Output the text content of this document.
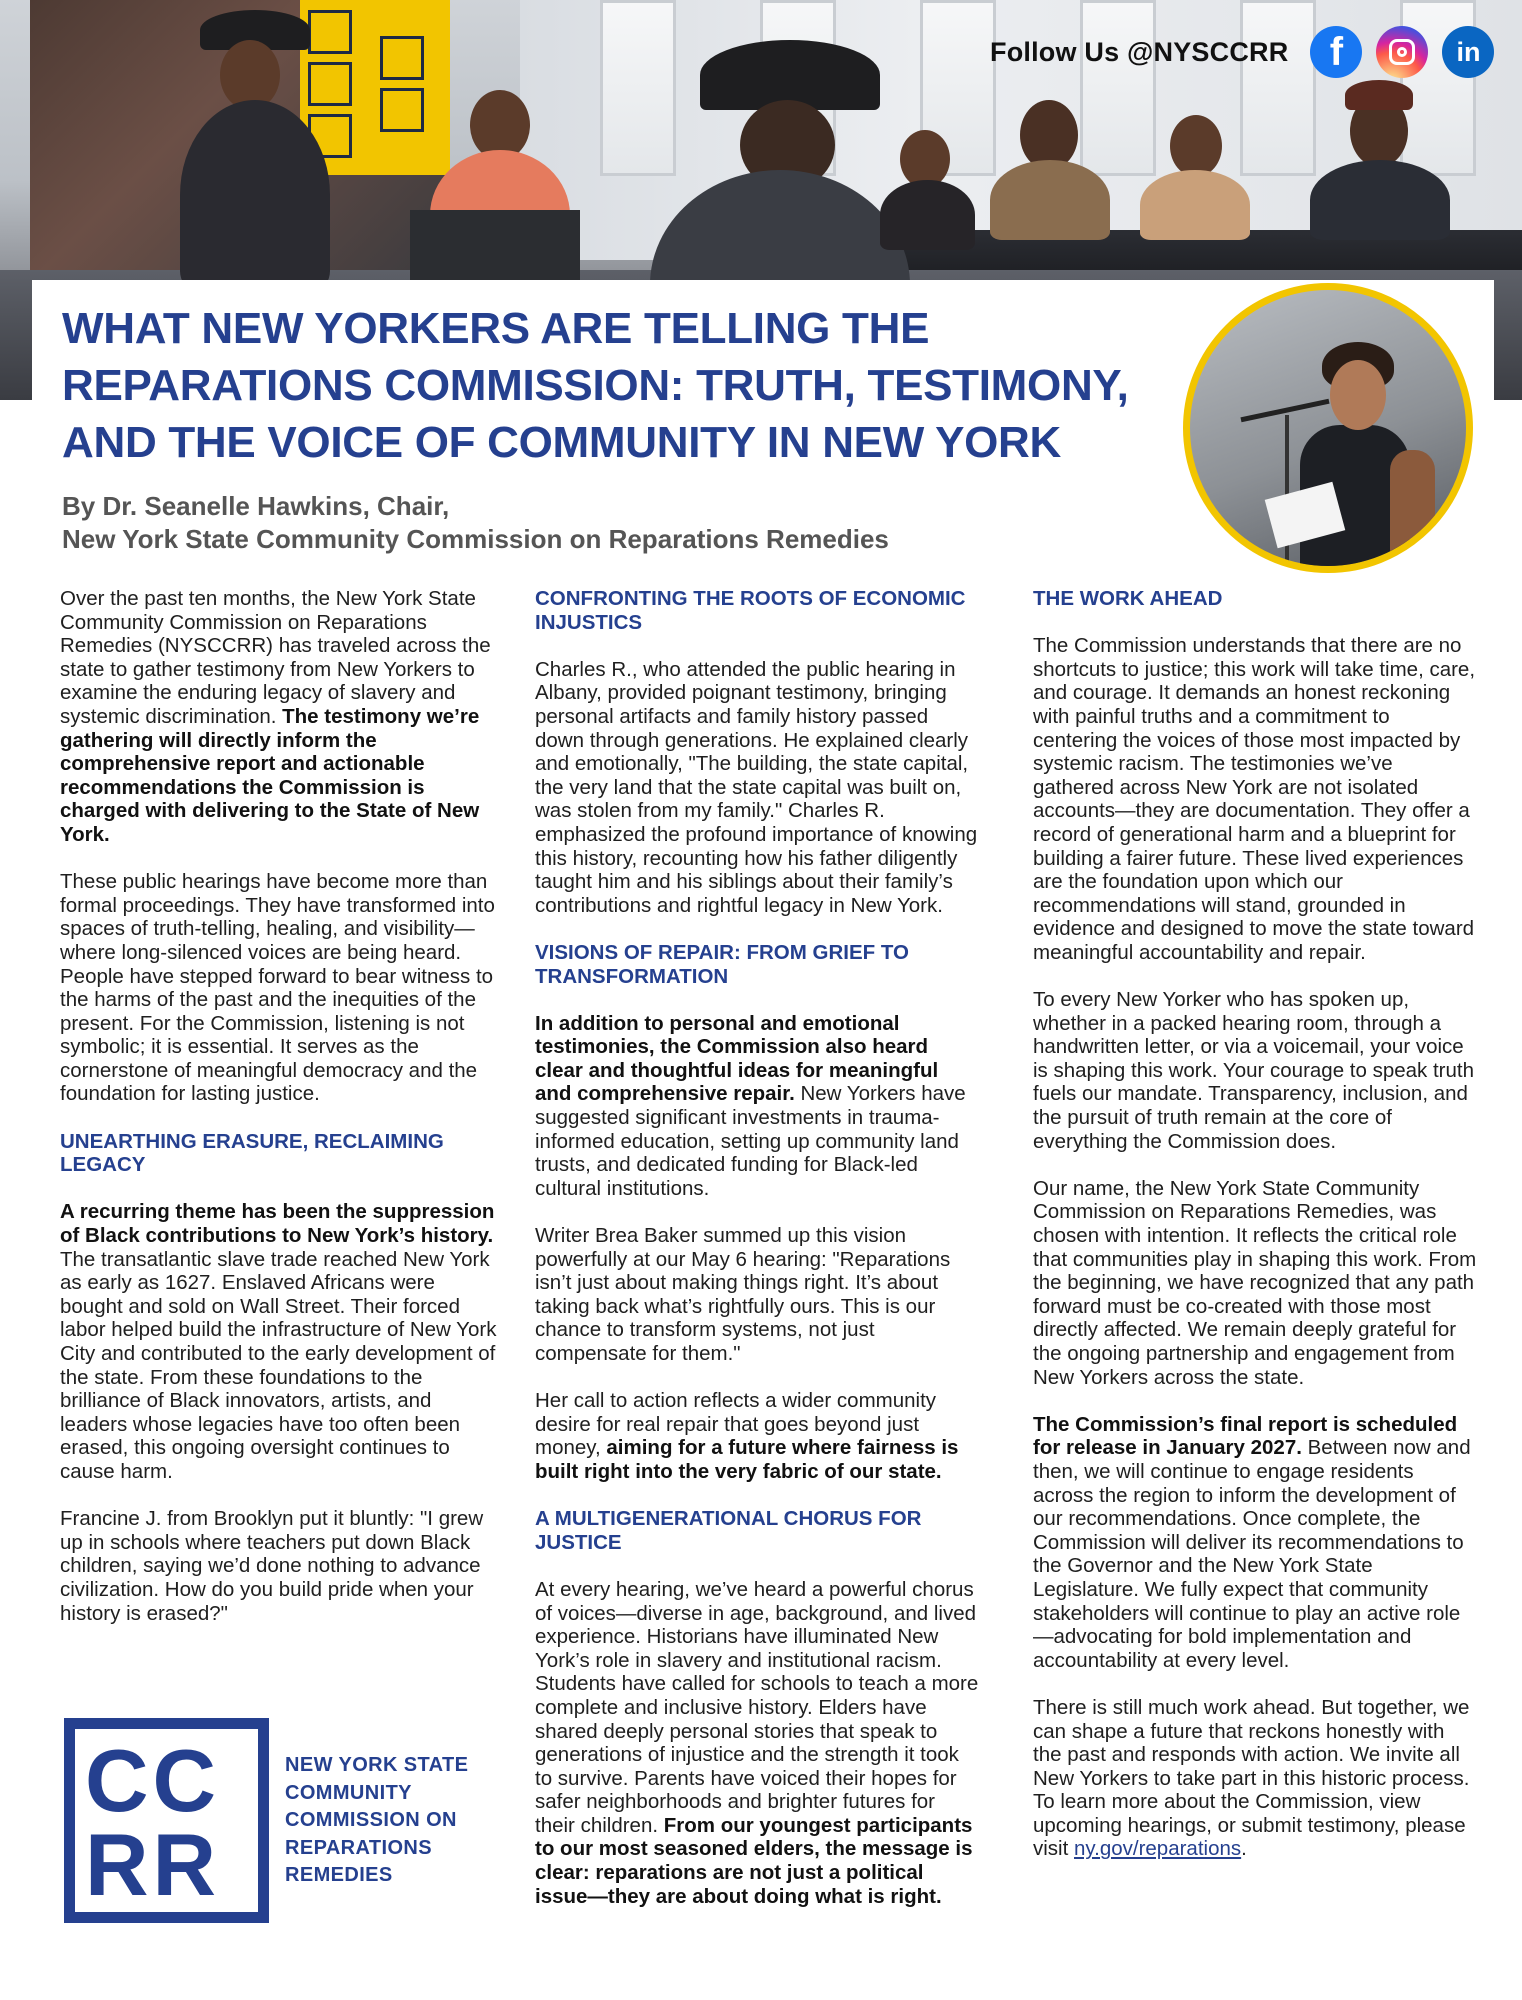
Follow Us @NYSCCRR f	in
WHAT NEW YORKERS ARE TELLING THE REPARATIONS COMMISSION: TRUTH, TESTIMONY, AND THE VOICE OF COMMUNITY IN NEW YORK
By Dr. Seanelle Hawkins, Chair,
New York State Community Commission on Reparations Remedies

Over the past ten months, the New York State Community Commission on Reparations Remedies (NYSCCRR) has traveled across the state to gather testimony from New Yorkers to examine the enduring legacy of slavery and systemic discrimination. The testimony we’re gathering will directly inform the comprehensive report and actionable recommendations the Commission is charged with delivering to the State of New York.

These public hearings have become more than formal proceedings. They have transformed into spaces of truth-telling, healing, and visibility—where long-silenced voices are being heard. People have stepped forward to bear witness to the harms of the past and the inequities of the present. For the Commission, listening is not symbolic; it is essential. It serves as the cornerstone of meaningful democracy and the foundation for lasting justice.

UNEARTHING ERASURE, RECLAIMING LEGACY

A recurring theme has been the suppression of Black contributions to New York’s history. The transatlantic slave trade reached New York as early as 1627. Enslaved Africans were bought and sold on Wall Street. Their forced labor helped build the infrastructure of New York City and contributed to the early development of the state. From these foundations to the brilliance of Black innovators, artists, and leaders whose legacies have too often been erased, this ongoing oversight continues to cause harm.

Francine J. from Brooklyn put it bluntly: "I grew up in schools where teachers put down Black children, saying we’d done nothing to advance civilization. How do you build pride when your history is erased?"

CONFRONTING THE ROOTS OF ECONOMIC INJUSTICS

Charles R., who attended the public hearing in Albany, provided poignant testimony, bringing personal artifacts and family history passed down through generations. He explained clearly and emotionally, "The building, the state capital, the very land that the state capital was built on, was stolen from my family." Charles R. emphasized the profound importance of knowing this history, recounting how his father diligently taught him and his siblings about their family’s contributions and rightful legacy in New York.

VISIONS OF REPAIR: FROM GRIEF TO TRANSFORMATION

In addition to personal and emotional testimonies, the Commission also heard clear and thoughtful ideas for meaningful and comprehensive repair. New Yorkers have suggested significant investments in trauma-informed education, setting up community land trusts, and dedicated funding for Black-led cultural institutions.

Writer Brea Baker summed up this vision powerfully at our May 6 hearing: "Reparations isn’t just about making things right. It’s about taking back what’s rightfully ours. This is our chance to transform systems, not just compensate for them."

Her call to action reflects a wider community desire for real repair that goes beyond just money, aiming for a future where fairness is built right into the very fabric of our state.

A MULTIGENERATIONAL CHORUS FOR JUSTICE

At every hearing, we’ve heard a powerful chorus of voices—diverse in age, background, and lived experience. Historians have illuminated New York’s role in slavery and institutional racism. Students have called for schools to teach a more complete and inclusive history. Elders have shared deeply personal stories that speak to generations of injustice and the strength it took to survive. Parents have voiced their hopes for safer neighborhoods and brighter futures for their children. From our youngest participants to our most seasoned elders, the message is clear: reparations are not just a political issue—they are about doing what is right.

THE WORK AHEAD

The Commission understands that there are no shortcuts to justice; this work will take time, care, and courage. It demands an honest reckoning with painful truths and a commitment to centering the voices of those most impacted by systemic racism. The testimonies we’ve gathered across New York are not isolated accounts—they are documentation. They offer a record of generational harm and a blueprint for building a fairer future. These lived experiences are the foundation upon which our recommendations will stand, grounded in evidence and designed to move the state toward meaningful accountability and repair.

To every New Yorker who has spoken up, whether in a packed hearing room, through a handwritten letter, or via a voicemail, your voice is shaping this work. Your courage to speak truth fuels our mandate. Transparency, inclusion, and the pursuit of truth remain at the core of everything the Commission does.

Our name, the New York State Community Commission on Reparations Remedies, was chosen with intention. It reflects the critical role that communities play in shaping this work. From the beginning, we have recognized that any path forward must be co-created with those most directly affected. We remain deeply grateful for the ongoing partnership and engagement from New Yorkers across the state.

The Commission’s final report is scheduled for release in January 2027. Between now and then, we will continue to engage residents across the region to inform the development of our recommendations. Once complete, the Commission will deliver its recommendations to the Governor and the New York State Legislature. We fully expect that community stakeholders will continue to play an active role—advocating for bold implementation and accountability at every level.

There is still much work ahead. But together, we can shape a future that reckons honestly with the past and responds with action. We invite all New Yorkers to take part in this historic process. To learn more about the Commission, view upcoming hearings, or submit testimony, please visit ny.gov/reparations.

CC
RR
NEW YORK STATE
COMMUNITY
COMMISSION ON
REPARATIONS
REMEDIES
